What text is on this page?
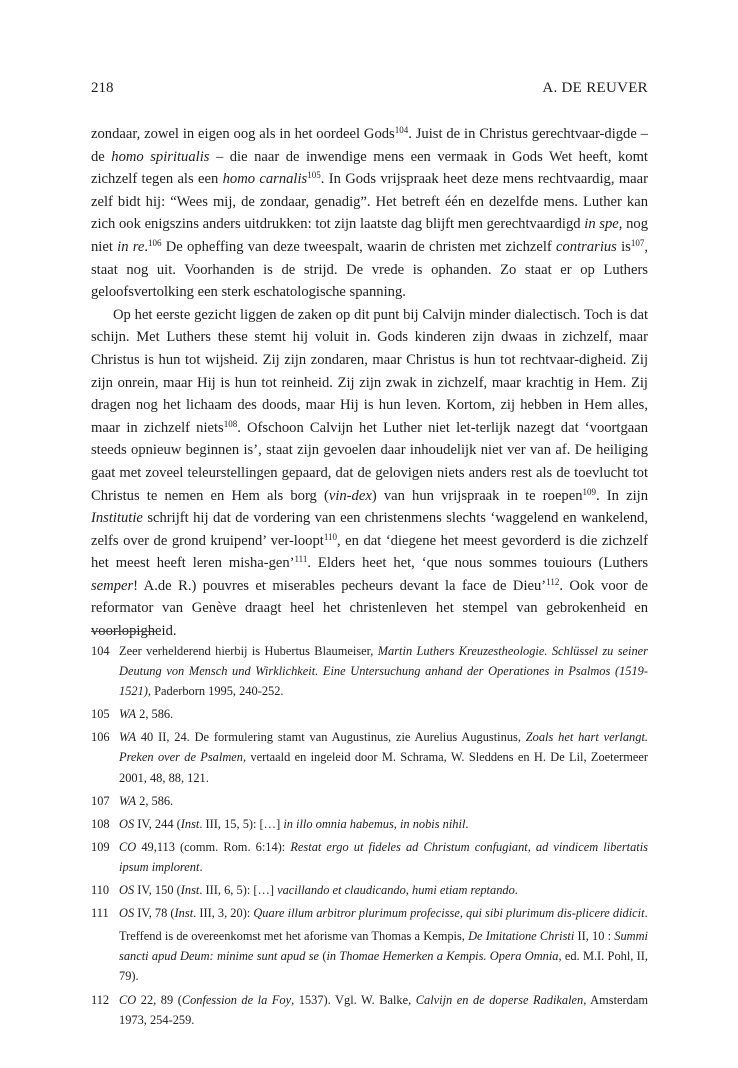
218	A. DE REUVER

zondaar, zowel in eigen oog als in het oordeel Gods$^{104}$. Juist de in Christus gerechtvaar-digde – de homo spiritualis – die naar de inwendige mens een vermaak in Gods Wet heeft, komt zichzelf tegen als een homo carnalis$^{105}$. In Gods vrijspraak heet deze mens rechtvaardig, maar zelf bidt hij: “Wees mij, de zondaar, genadig”. Het betreft één en dezelfde mens. Luther kan zich ook enigszins anders uitdrukken: tot zijn laatste dag blijft men gerechtvaardigd in spe, nog niet in re.$^{106}$ De opheffing van deze tweespalt, waarin de christen met zichzelf contrarius $is^{107}$, staat nog uit. Voorhanden is de strijd. De vrede is ophanden. Zo staat er op Luthers geloofsvertolking een sterk eschatologische spanning.

Op het eerste gezicht liggen de zaken op dit punt bij Calvijn minder dialectisch. Toch is dat schijn. Met Luthers these stemt hij voluit in. Gods kinderen zijn dwaas in zichzelf, maar Christus is hun tot wijsheid. Zij zijn zondaren, maar Christus is hun tot rechtvaar-digheid. Zij zijn onrein, maar Hij is hun tot reinheid. Zij zijn zwak in zichzelf, maar krachtig in Hem. Zij dragen nog het lichaam des doods, maar Hij is hun leven. Kortom, zij hebben in Hem alles, maar in zichzelf niets$^{108}$. Ofschoon Calvijn het Luther niet let-terlijk nazegt dat ‘voortgaan steeds opnieuw beginnen is’, staat zijn gevoelen daar inhoudelijk niet ver van af. De heiliging gaat met zoveel teleurstellingen gepaard, dat de gelovigen niets anders rest als de toevlucht tot Christus te nemen en Hem als borg (vin-dex) van hun vrijspraak in te roepen$^{109}$. In zijn Institutie schrijft hij dat de vordering van een christenmens slechts ‘waggelend en wankelend, zelfs over de grond kruipend’ ver-loopt$^{110}$, en dat ‘diegene het meest gevorderd is die zichzelf het meest heeft leren misha-gen’$^{111}$. Elders heet het, ‘que nous sommes touiours (Luthers semper! A.de R.) pouvres et miserables pecheurs devant la face de Dieu’$^{112}$. Ook voor de reformator van Genève draagt heel het christenleven het stempel van gebrokenheid en voorlopigheid.

104 Zeer verhelderend hierbij is Hubertus Blaumeiser, Martin Luthers Kreuzestheologie. Schlüssel zu seiner Deutung von Mensch und Wirklichkeit. Eine Untersuchung anhand der Operationes in Psalmos (1519-1521), Paderborn 1995, 240-252.
105 WA 2, 586.
106 WA 40 II, 24. De formulering stamt van Augustinus, zie Aurelius Augustinus, Zoals het hart verlangt. Preken over de Psalmen, vertaald en ingeleid door M. Schrama, W. Sleddens en H. De Lil, Zoetermeer 2001, 48, 88, 121.
107 WA 2, 586.
108 OS IV, 244 (Inst. III, 15, 5): […] in illo omnia habemus, in nobis nihil.
109 CO 49,113 (comm. Rom. 6:14): Restat ergo ut fideles ad Christum confugiant, ad vindicem libertatis ipsum implorent.
110 OS IV, 150 (Inst. III, 6, 5): […] vacillando et claudicando, humi etiam reptando.
111 OS IV, 78 (Inst. III, 3, 20): Quare illum arbitror plurimum profecisse, qui sibi plurimum dis-plicere didicit.
Treffend is de overeenkomst met het aforisme van Thomas a Kempis, De Imitatione Christi II, 10 : Summi sancti apud Deum: minime sunt apud se (in Thomae Hemerken a Kempis. Opera Omnia, ed. M.I. Pohl, II, 79).
112 CO 22, 89 (Confession de la Foy, 1537). Vgl. W. Balke, Calvijn en de doperse Radikalen, Amsterdam 1973, 254-259.
